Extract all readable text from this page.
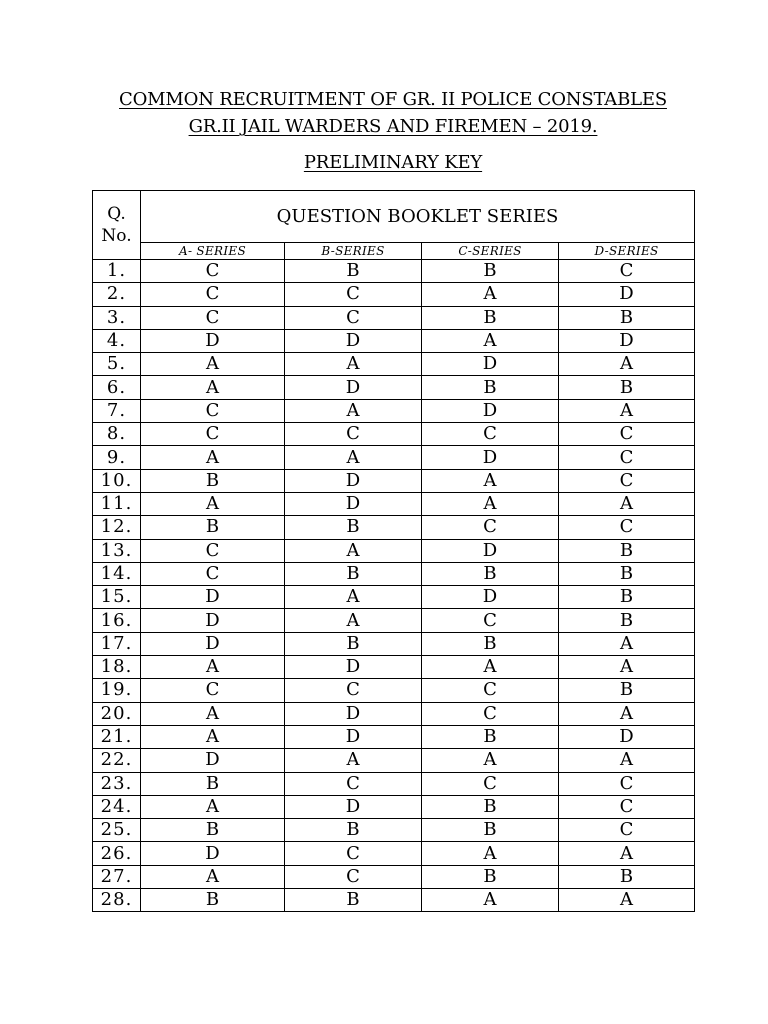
COMMON RECRUITMENT OF GR. II POLICE CONSTABLES
GR.II JAIL WARDERS AND FIREMEN – 2019.
PRELIMINARY KEY
Q.
No.	QUESTION BOOKLET SERIES			
	A- SERIES	B-SERIES	C-SERIES	D-SERIES
1.	C	B	B	C
2.	C	C	A	D
3.	C	C	B	B
4.	D	D	A	D
5.	A	A	D	A
6.	A	D	B	B
7.	C	A	D	A
8.	C	C	C	C
9.	A	A	D	C
10.	B	D	A	C
11.	A	D	A	A
12.	B	B	C	C
13.	C	A	D	B
14.	C	B	B	B
15.	D	A	D	B
16.	D	A	C	B
17.	D	B	B	A
18.	A	D	A	A
19.	C	C	C	B
20.	A	D	C	A
21.	A	D	B	D
22.	D	A	A	A
23.	B	C	C	C
24.	A	D	B	C
25.	B	B	B	C
26.	D	C	A	A
27.	A	C	B	B
28.	B	B	A	A
